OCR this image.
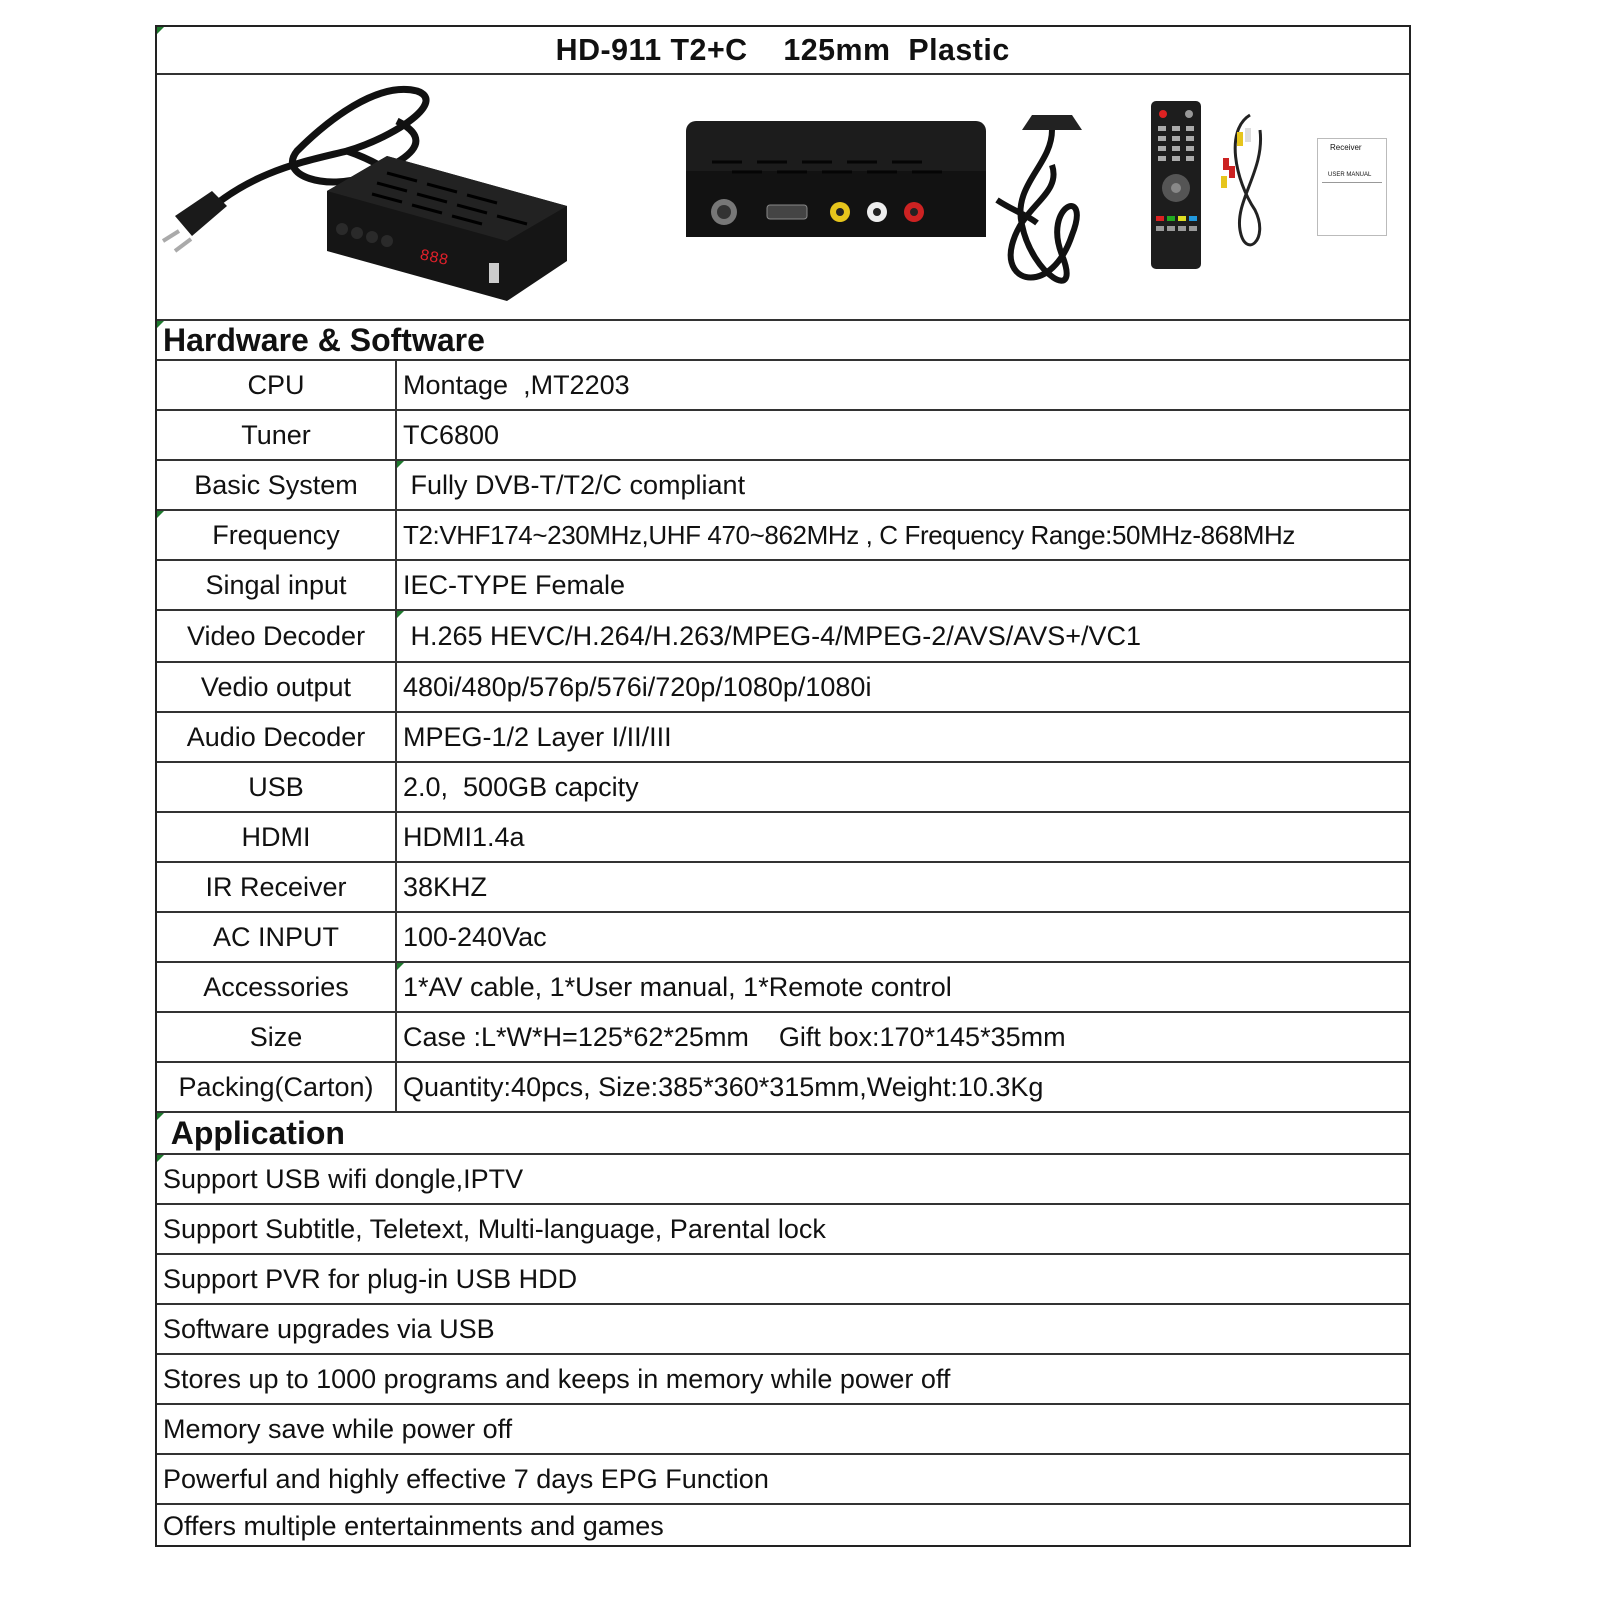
HD-911 T2+C    125mm  Plastic
888
Receiver
USER MANUAL
Hardware & Software
CPU	Montage  ,MT2203
Tuner	TC6800
Basic System	Fully DVB-T/T2/C compliant
Frequency T2:VHF174~230MHz,UHF 470~862MHz , C Frequency Range:50MHz-868MHz
Singal input	IEC-TYPE Female
Video Decoder	H.265 HEVC/H.264/H.263/MPEG-4/MPEG-2/AVS/AVS+/VC1
Vedio output	480i/480p/576p/576i/720p/1080p/1080i
Audio Decoder	MPEG-1/2 Layer I/II/III
USB	2.0,  500GB capcity
HDMI	HDMI1.4a
IR Receiver	38KHZ
AC INPUT	100-240Vac
Accessories	1*AV cable, 1*User manual, 1*Remote control
Size	Case :L*W*H=125*62*25mm    Gift box:170*145*35mm
Packing(Carton)	Quantity:40pcs, Size:385*360*315mm,Weight:10.3Kg
Application
Support USB wifi dongle,IPTV
Support Subtitle, Teletext, Multi-language, Parental lock
Support PVR for plug-in USB HDD
Software upgrades via USB
Stores up to 1000 programs and keeps in memory while power off
Memory save while power off
Powerful and highly effective 7 days EPG Function
Offers multiple entertainments and games
